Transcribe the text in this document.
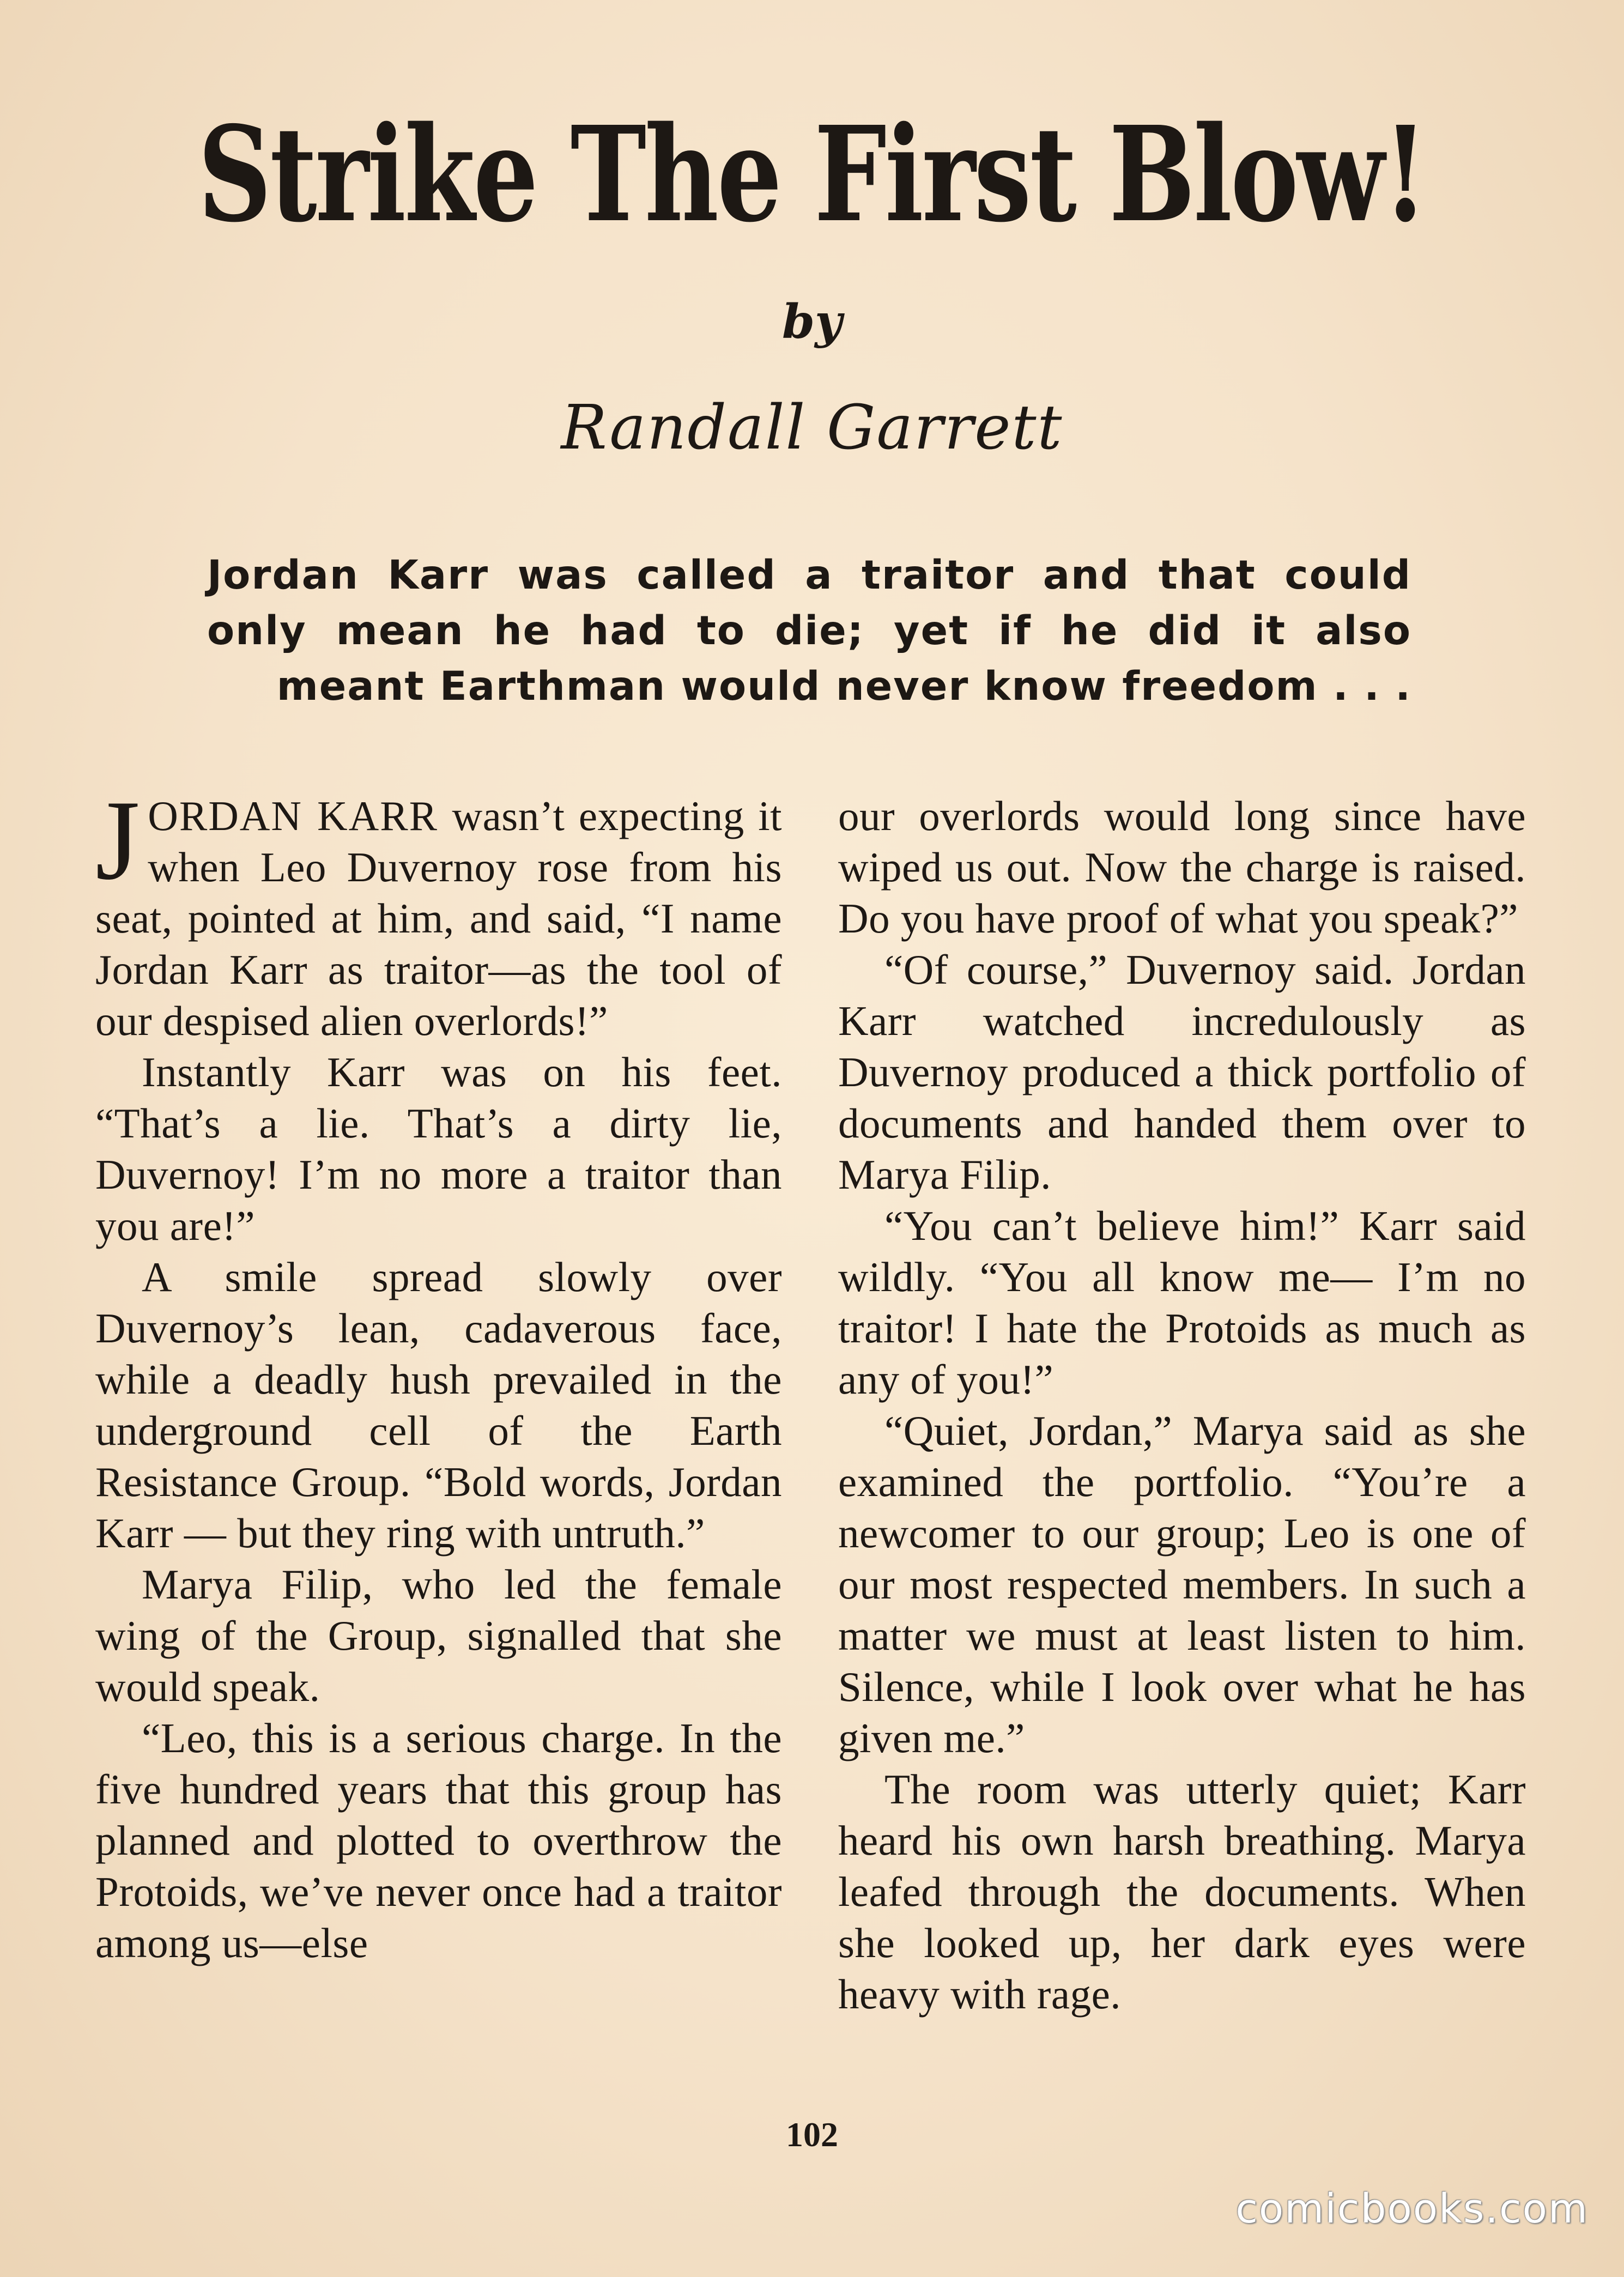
Strike The First Blow!
by
Randall Garrett
Jordan Karr was called a traitor and that could only mean he had to die; yet if he did it also meant Earthman would never know freedom . . .

JORDAN KARR wasn’t expecting it when Leo Duvernoy rose from his seat, pointed at him, and said, “I name Jordan Karr as traitor—as the tool of our despised alien overlords!”

Instantly Karr was on his feet. “That’s a lie. That’s a dirty lie, Duvernoy! I’m no more a traitor than you are!”

A smile spread slowly over Duvernoy’s lean, cadaverous face, while a deadly hush prevailed in the underground cell of the Earth Resistance Group. “Bold words, Jordan Karr — but they ring with untruth.”

Marya Filip, who led the female wing of the Group, signalled that she would speak.

“Leo, this is a serious charge. In the five hundred years that this group has planned and plotted to overthrow the Protoids, we’ve never once had a traitor among us—else

our overlords would long since have wiped us out. Now the charge is raised. Do you have proof of what you speak?”

“Of course,” Duvernoy said. Jordan Karr watched incredulously as Duvernoy produced a thick portfolio of documents and handed them over to Marya Filip.

“You can’t believe him!” Karr said wildly. “You all know me— I’m no traitor! I hate the Protoids as much as any of you!”

“Quiet, Jordan,” Marya said as she examined the portfolio. “You’re a newcomer to our group; Leo is one of our most respected members. In such a matter we must at least listen to him. Silence, while I look over what he has given me.”

The room was utterly quiet; Karr heard his own harsh breathing. Marya leafed through the documents. When she looked up, her dark eyes were heavy with rage.

102
comicbooks.com
